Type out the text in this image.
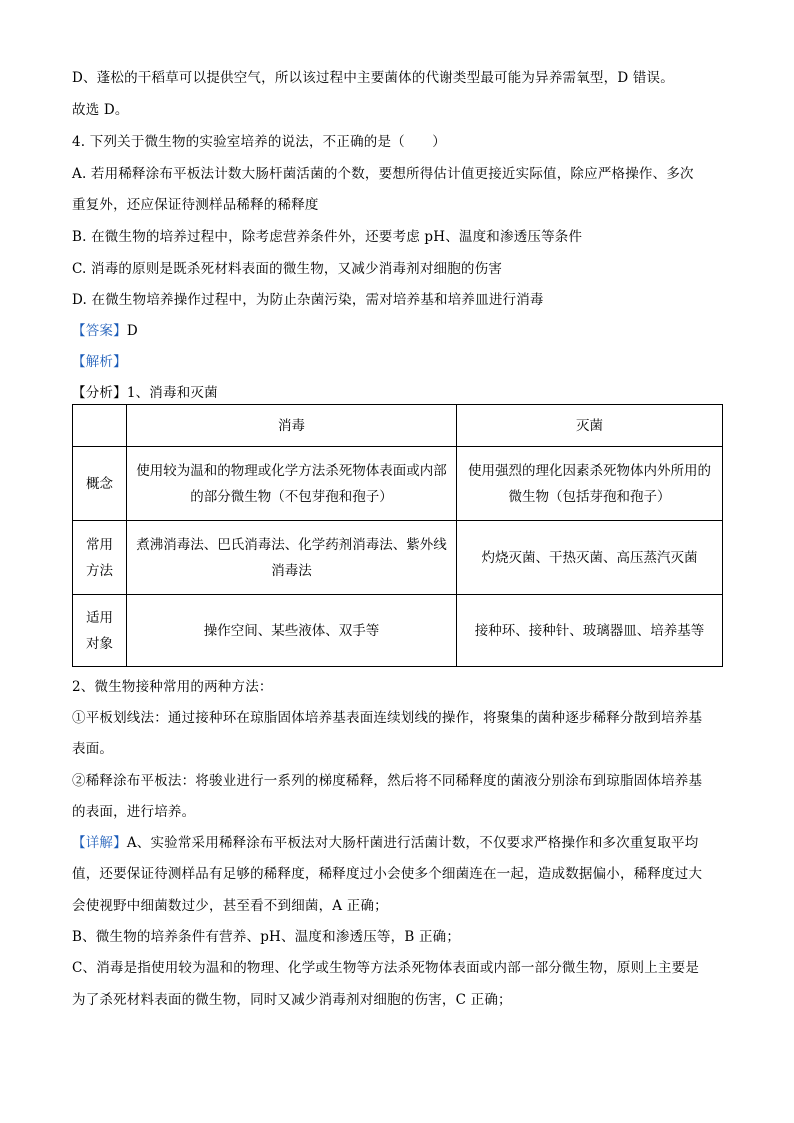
D、蓬松的干稻草可以提供空气，所以该过程中主要菌体的代谢类型最可能为异养需氧型，D 错误。
故选 D。
4. 下列关于微生物的实验室培养的说法，不正确的是（　　）
A. 若用稀释涂布平板法计数大肠杆菌活菌的个数，要想所得估计值更接近实际值，除应严格操作、多次
重复外，还应保证待测样品稀释的稀释度
B. 在微生物的培养过程中，除考虑营养条件外，还要考虑 pH、温度和渗透压等条件
C. 消毒的原则是既杀死材料表面的微生物，又减少消毒剂对细胞的伤害
D. 在微生物培养操作过程中，为防止杂菌污染，需对培养基和培养皿进行消毒
【答案】D
【解析】
【分析】1、消毒和灭菌
	消毒	灭菌
概念	使用较为温和的物理或化学方法杀死物体表面或内部的部分微生物（不包芽孢和孢子）	使用强烈的理化因素杀死物体内外所用的微生物（包括芽孢和孢子）
常用方法	煮沸消毒法、巴氏消毒法、化学药剂消毒法、紫外线消毒法	灼烧灭菌、干热灭菌、高压蒸汽灭菌
适用对象	操作空间、某些液体、双手等	接种环、接种针、玻璃器皿、培养基等
2、微生物接种常用的两种方法：
①平板划线法：通过接种环在琼脂固体培养基表面连续划线的操作，将聚集的菌种逐步稀释分散到培养基
表面。
②稀释涂布平板法：将骏业进行一系列的梯度稀释，然后将不同稀释度的菌液分别涂布到琼脂固体培养基
的表面，进行培养。
【详解】A、实验常采用稀释涂布平板法对大肠杆菌进行活菌计数，不仅要求严格操作和多次重复取平均
值，还要保证待测样品有足够的稀释度，稀释度过小会使多个细菌连在一起，造成数据偏小，稀释度过大
会使视野中细菌数过少，甚至看不到细菌，A 正确；
B、微生物的培养条件有营养、pH、温度和渗透压等，B 正确；
C、消毒是指使用较为温和的物理、化学或生物等方法杀死物体表面或内部一部分微生物，原则上主要是
为了杀死材料表面的微生物，同时又减少消毒剂对细胞的伤害，C 正确；
